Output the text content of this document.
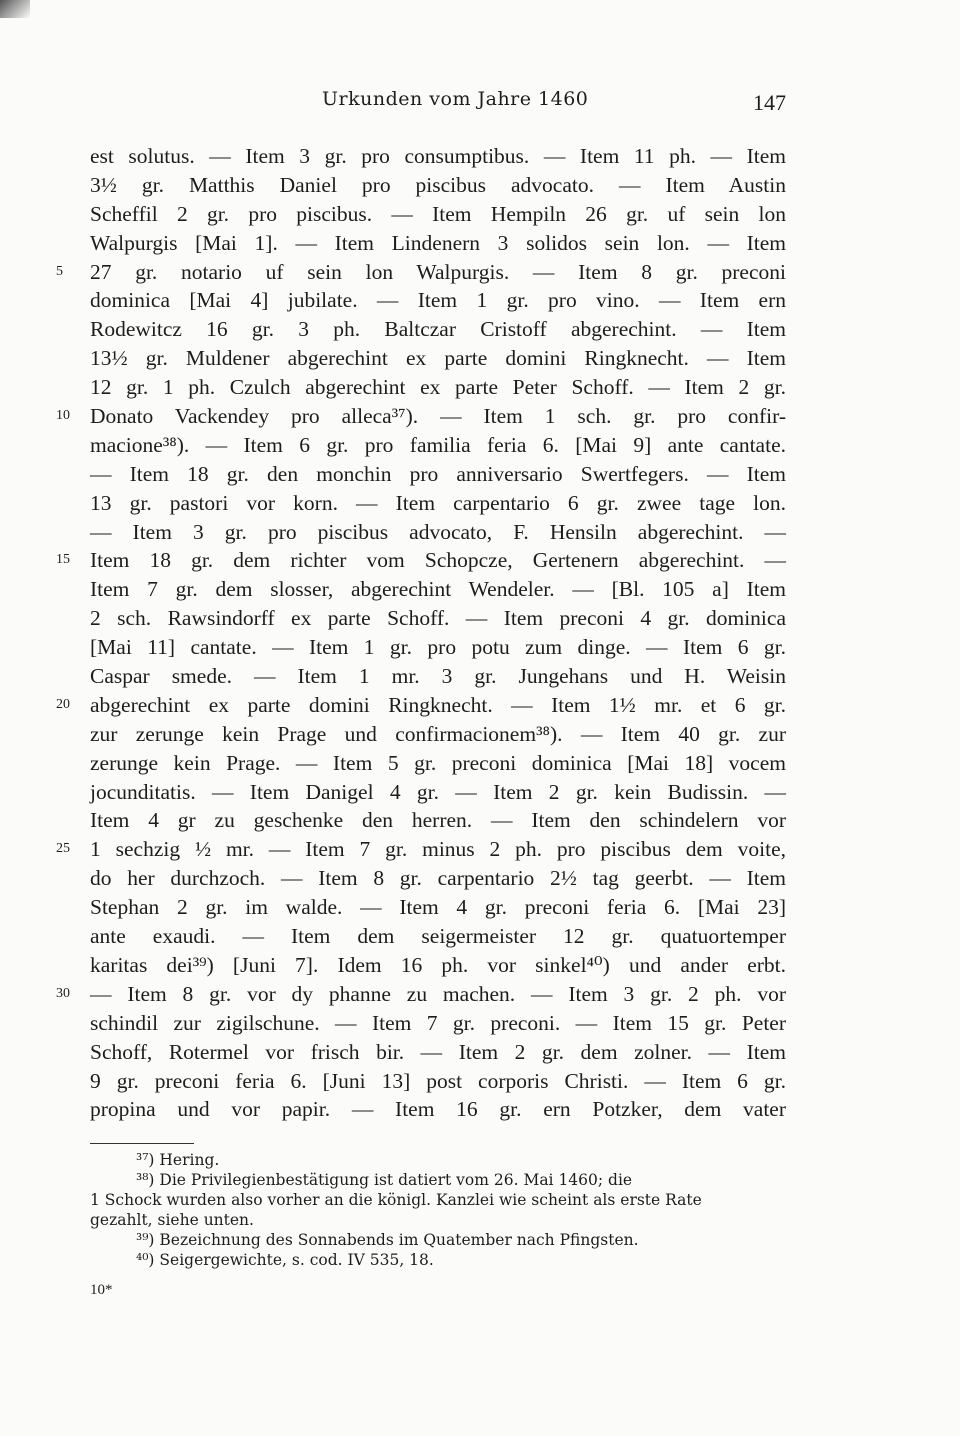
Urkunden vom Jahre 1460	147
est solutus. — Item 3 gr. pro consumptibus. — Item 11 ph. — Item
3½ gr. Matthis Daniel pro piscibus advocato. — Item Austin
Scheffil 2 gr. pro piscibus. — Item Hempiln 26 gr. uf sein lon
Walpurgis [Mai 1]. — Item Lindenern 3 solidos sein lon. — Item
5	27 gr. notario uf sein lon Walpurgis. — Item 8 gr. preconi
dominica [Mai 4] jubilate. — Item 1 gr. pro vino. — Item ern
Rodewitcz 16 gr. 3 ph. Baltczar Cristoff abgerechint. — Item
13½ gr. Muldener abgerechint ex parte domini Ringknecht. — Item
12 gr. 1 ph. Czulch abgerechint ex parte Peter Schoff. — Item 2 gr.
10 Donato Vackendey pro alleca³⁷). — Item 1 sch. gr. pro confir-
macione³⁸). — Item 6 gr. pro familia feria 6. [Mai 9] ante cantate.
— Item 18 gr. den monchin pro anniversario Swertfegers. — Item
13 gr. pastori vor korn. — Item carpentario 6 gr. zwee tage lon.
— Item 3 gr. pro piscibus advocato, F. Hensiln abgerechint. —
15 Item 18 gr. dem richter vom Schopcze, Gertenern abgerechint. —
Item 7 gr. dem slosser, abgerechint Wendeler. — [Bl. 105 a] Item
2 sch. Rawsindorff ex parte Schoff. — Item preconi 4 gr. dominica
[Mai 11] cantate. — Item 1 gr. pro potu zum dinge. — Item 6 gr.
Caspar smede. — Item 1 mr. 3 gr. Jungehans und H. Weisin
20 abgerechint ex parte domini Ringknecht. — Item 1½ mr. et 6 gr.
zur zerunge kein Prage und confirmacionem³⁸). — Item 40 gr. zur
zerunge kein Prage. — Item 5 gr. preconi dominica [Mai 18] vocem
jocunditatis. — Item Danigel 4 gr. — Item 2 gr. kein Budissin. —
Item 4 gr zu geschenke den herren. — Item den schindelern vor
25 1 sechzig ½ mr. — Item 7 gr. minus 2 ph. pro piscibus dem voite,
do her durchzoch. — Item 8 gr. carpentario 2½ tag geerbt. — Item
Stephan 2 gr. im walde. — Item 4 gr. preconi feria 6. [Mai 23]
ante exaudi. — Item dem seigermeister 12 gr. quatuortemper
karitas dei³⁹) [Juni 7]. Idem 16 ph. vor sinkel⁴⁰) und ander erbt.
30 — Item 8 gr. vor dy phanne zu machen. — Item 3 gr. 2 ph. vor
schindil zur zigilschune. — Item 7 gr. preconi. — Item 15 gr. Peter
Schoff, Rotermel vor frisch bir. — Item 2 gr. dem zolner. — Item
9 gr. preconi feria 6. [Juni 13] post corporis Christi. — Item 6 gr.
propina und vor papir. — Item 16 gr. ern Potzker, dem vater
³⁷) Hering.
³⁸) Die Privilegienbestätigung ist datiert vom 26. Mai 1460; die
1 Schock wurden also vorher an die königl. Kanzlei wie scheint als erste Rate
gezahlt, siehe unten.
³⁹) Bezeichnung des Sonnabends im Quatember nach Pfingsten.
⁴⁰) Seigergewichte, s. cod. IV 535, 18.
10*
